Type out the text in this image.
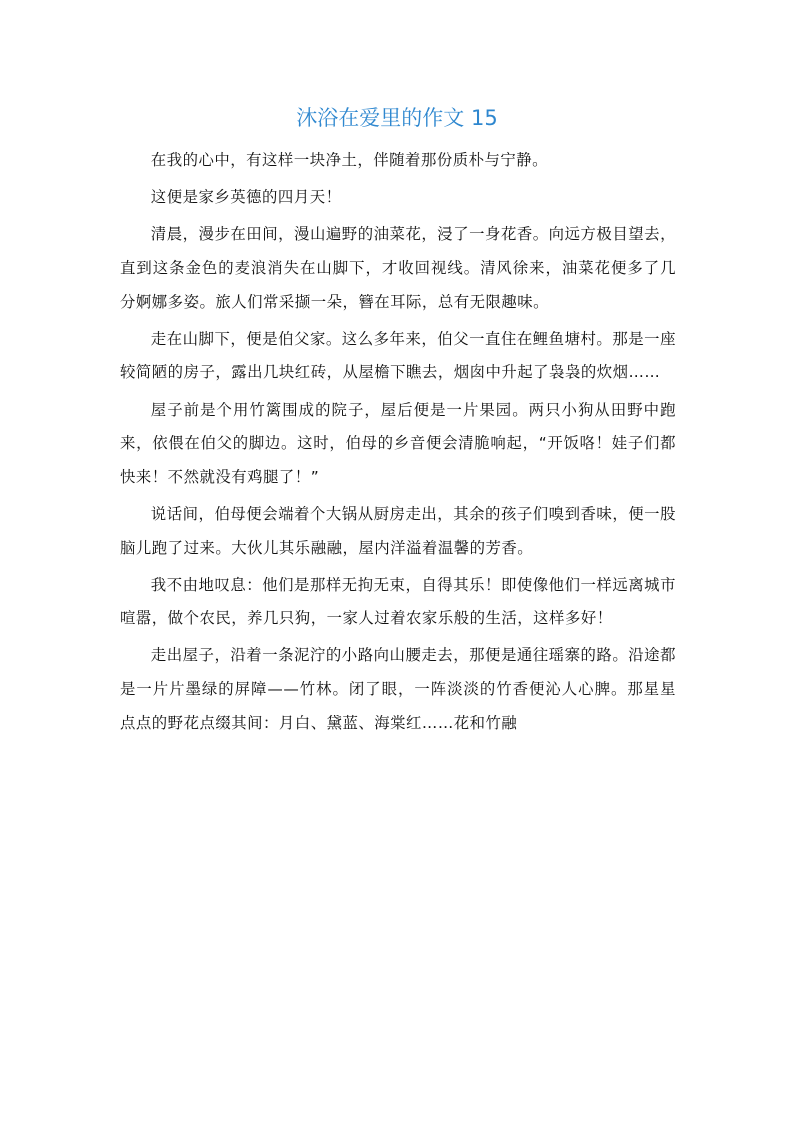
沐浴在爱里的作文 15

在我的心中，有这样一块净土，伴随着那份质朴与宁静。

这便是家乡英德的四月天！

清晨，漫步在田间，漫山遍野的油菜花，浸了一身花香。向远方极目望去，直到这条金色的麦浪消失在山脚下，才收回视线。清风徐来，油菜花便多了几分婀娜多姿。旅人们常采撷一朵，簪在耳际，总有无限趣味。

走在山脚下，便是伯父家。这么多年来，伯父一直住在鲤鱼塘村。那是一座较简陋的房子，露出几块红砖，从屋檐下瞧去，烟囱中升起了袅袅的炊烟……

屋子前是个用竹篱围成的院子，屋后便是一片果园。两只小狗从田野中跑来，依偎在伯父的脚边。这时，伯母的乡音便会清脆响起，“开饭咯！娃子们都快来！不然就没有鸡腿了！”

说话间，伯母便会端着个大锅从厨房走出，其余的孩子们嗅到香味，便一股脑儿跑了过来。大伙儿其乐融融，屋内洋溢着温馨的芳香。

我不由地叹息：他们是那样无拘无束，自得其乐！即使像他们一样远离城市喧嚣，做个农民，养几只狗，一家人过着农家乐般的生活，这样多好！

走出屋子，沿着一条泥泞的小路向山腰走去，那便是通往瑶寨的路。沿途都是一片片墨绿的屏障——竹林。闭了眼，一阵淡淡的竹香便沁人心脾。那星星点点的野花点缀其间：月白、黛蓝、海棠红……花和竹融
